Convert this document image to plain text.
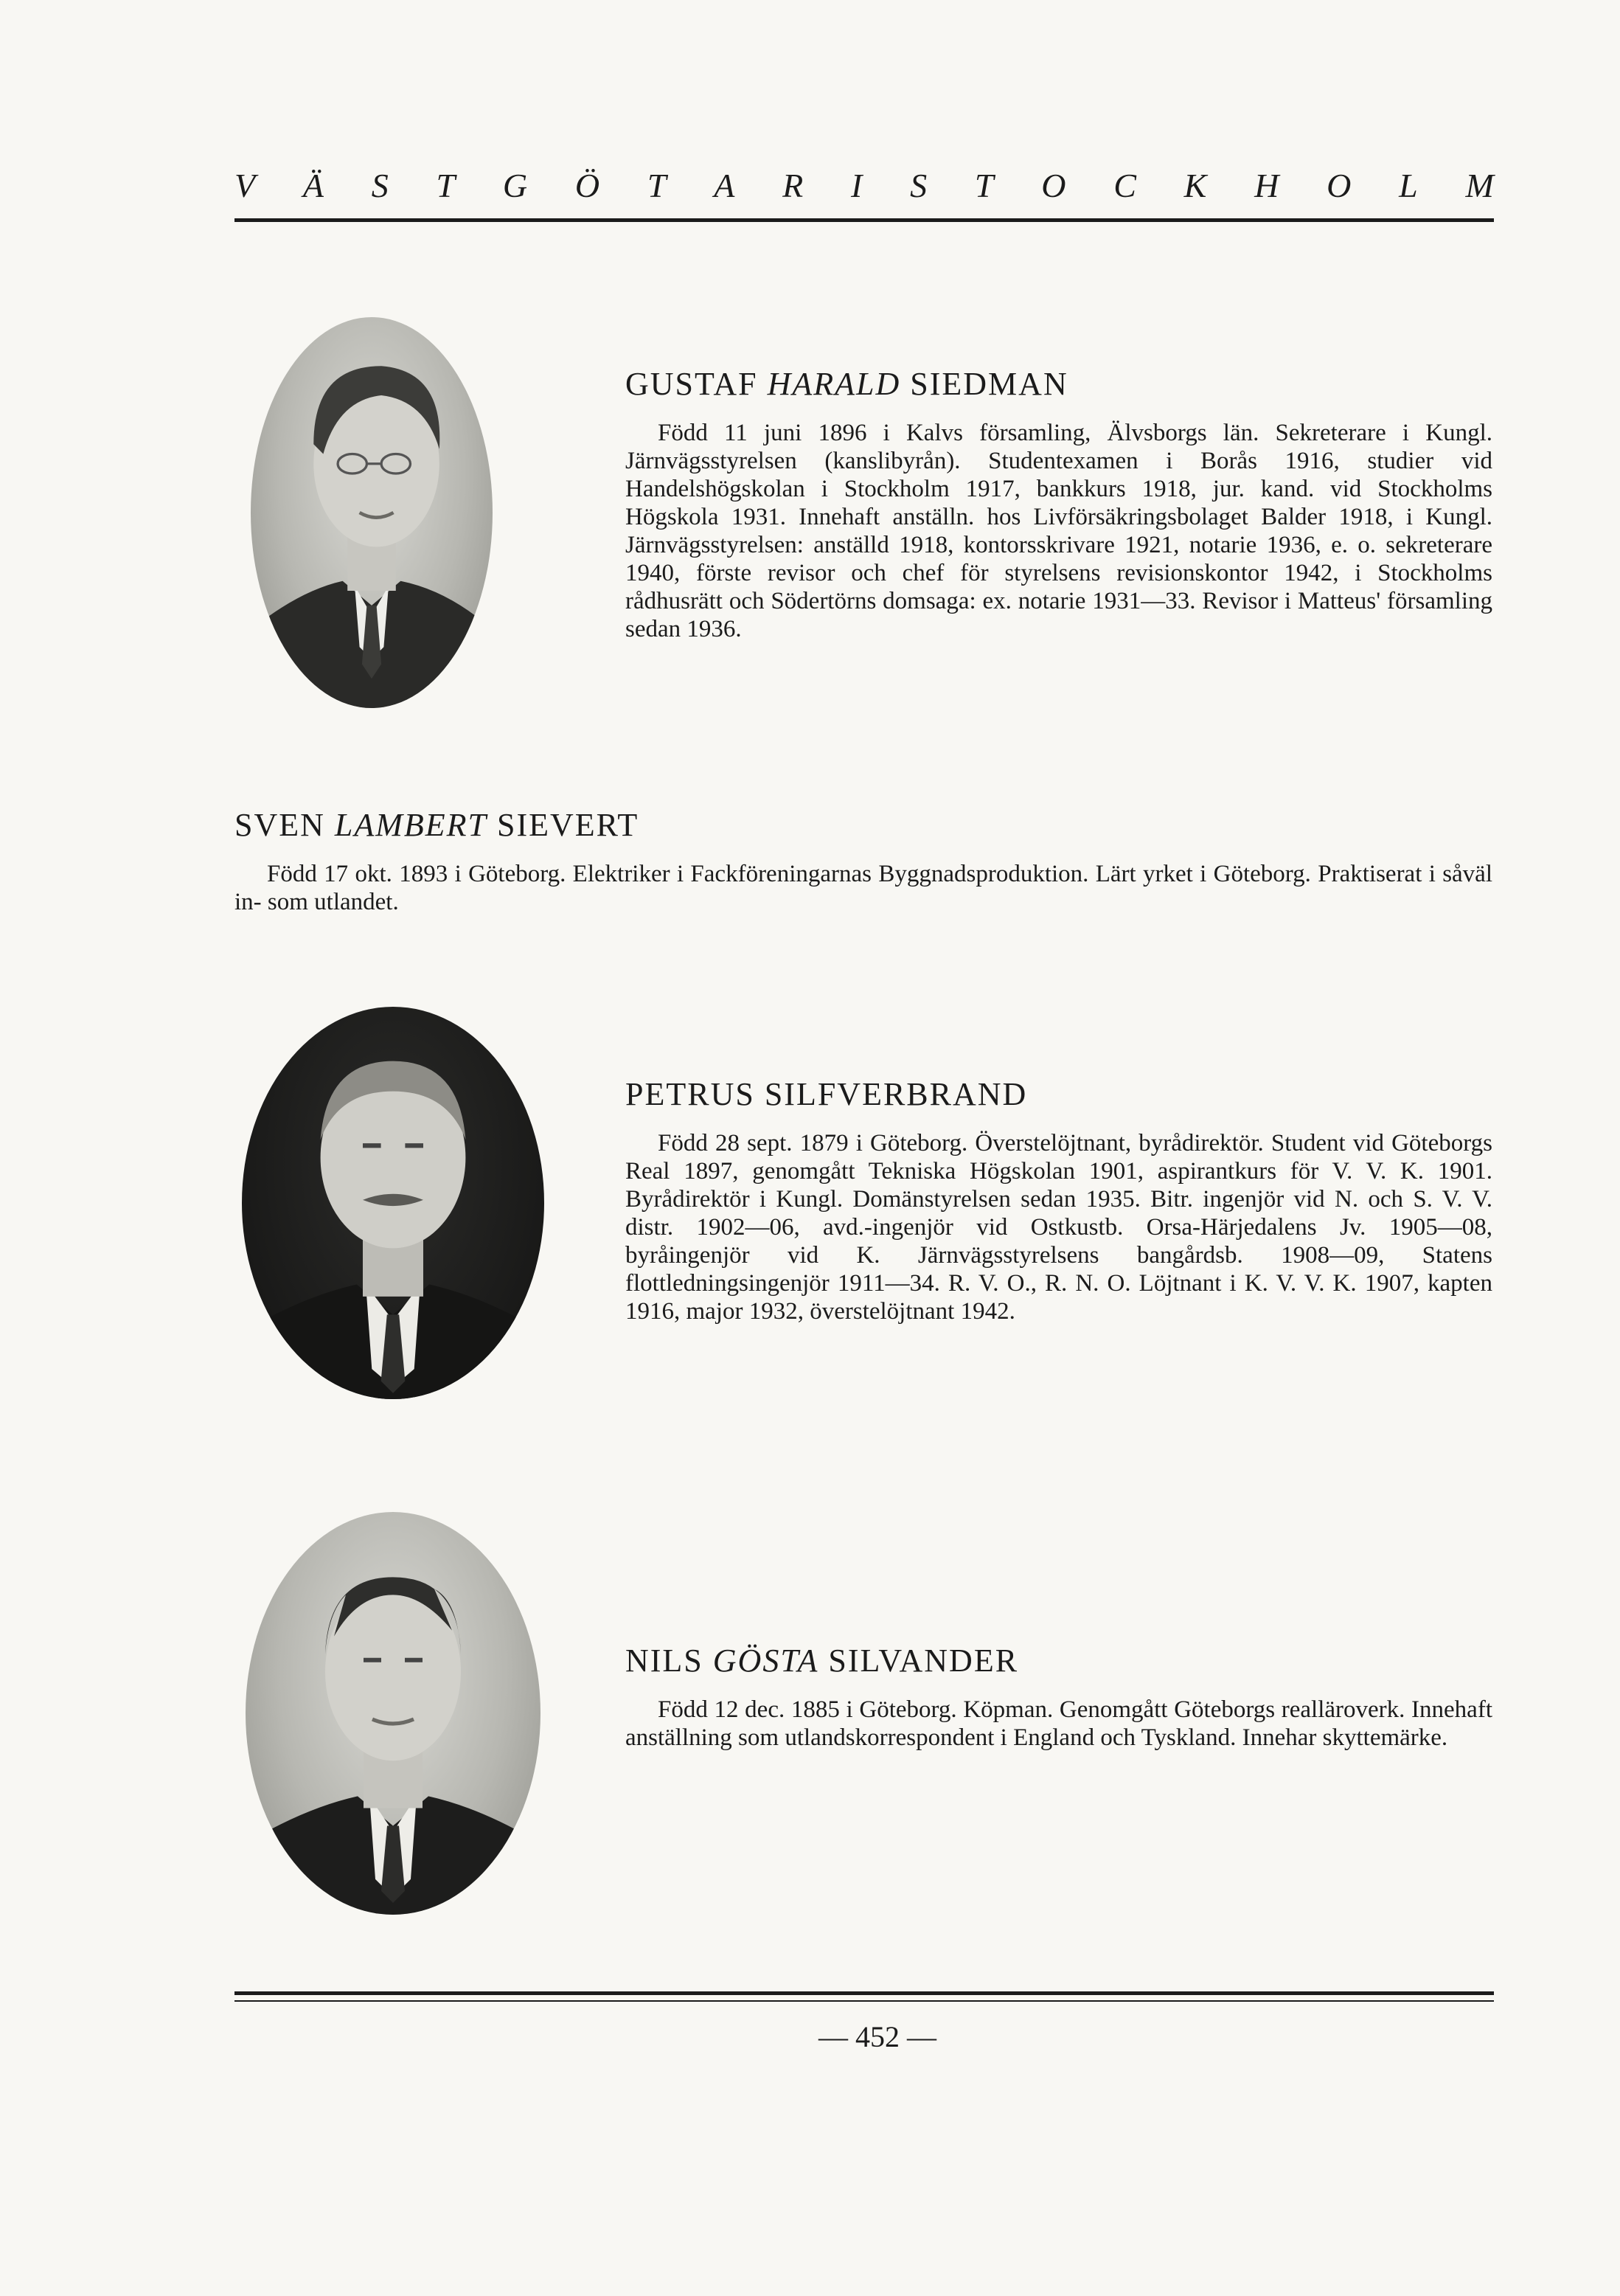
V Ä S T G Ö T A R I S T O C K H O L M
GUSTAF HARALD SIEDMAN

Född 11 juni 1896 i Kalvs församling, Älvsborgs län. Sekreterare i Kungl. Järnvägsstyrelsen (kanslibyrån). Studentexamen i Borås 1916, studier vid Handelshögskolan i Stockholm 1917, bankkurs 1918, jur. kand. vid Stockholms Högskola 1931. Innehaft anställn. hos Livförsäkringsbolaget Balder 1918, i Kungl. Järnvägsstyrelsen: anställd 1918, kontorsskrivare 1921, notarie 1936, e. o. sekreterare 1940, förste revisor och chef för styrelsens revisionskontor 1942, i Stockholms rådhusrätt och Södertörns domsaga: ex. notarie 1931—33. Revisor i Matteus' församling sedan 1936.

SVEN LAMBERT SIEVERT

Född 17 okt. 1893 i Göteborg. Elektriker i Fackföreningarnas Byggnadsproduktion. Lärt yrket i Göteborg. Praktiserat i såväl in- som utlandet.

PETRUS SILFVERBRAND

Född 28 sept. 1879 i Göteborg. Överstelöjtnant, byrådirektör. Student vid Göteborgs Real 1897, genomgått Tekniska Högskolan 1901, aspirantkurs för V. V. K. 1901. Byrådirektör i Kungl. Domänstyrelsen sedan 1935. Bitr. ingenjör vid N. och S. V. V. distr. 1902—06, avd.-ingenjör vid Ostkustb. Orsa-Härjedalens Jv. 1905—08, byråingenjör vid K. Järnvägsstyrelsens bangårdsb. 1908—09, Statens flottledningsingenjör 1911—34. R. V. O., R. N. O. Löjtnant i K. V. V. K. 1907, kapten 1916, major 1932, överstelöjtnant 1942.

NILS GÖSTA SILVANDER

Född 12 dec. 1885 i Göteborg. Köpman. Genomgått Göteborgs realläroverk. Innehaft anställning som utlandskorrespondent i England och Tyskland. Innehar skyttemärke.

— 452 —
